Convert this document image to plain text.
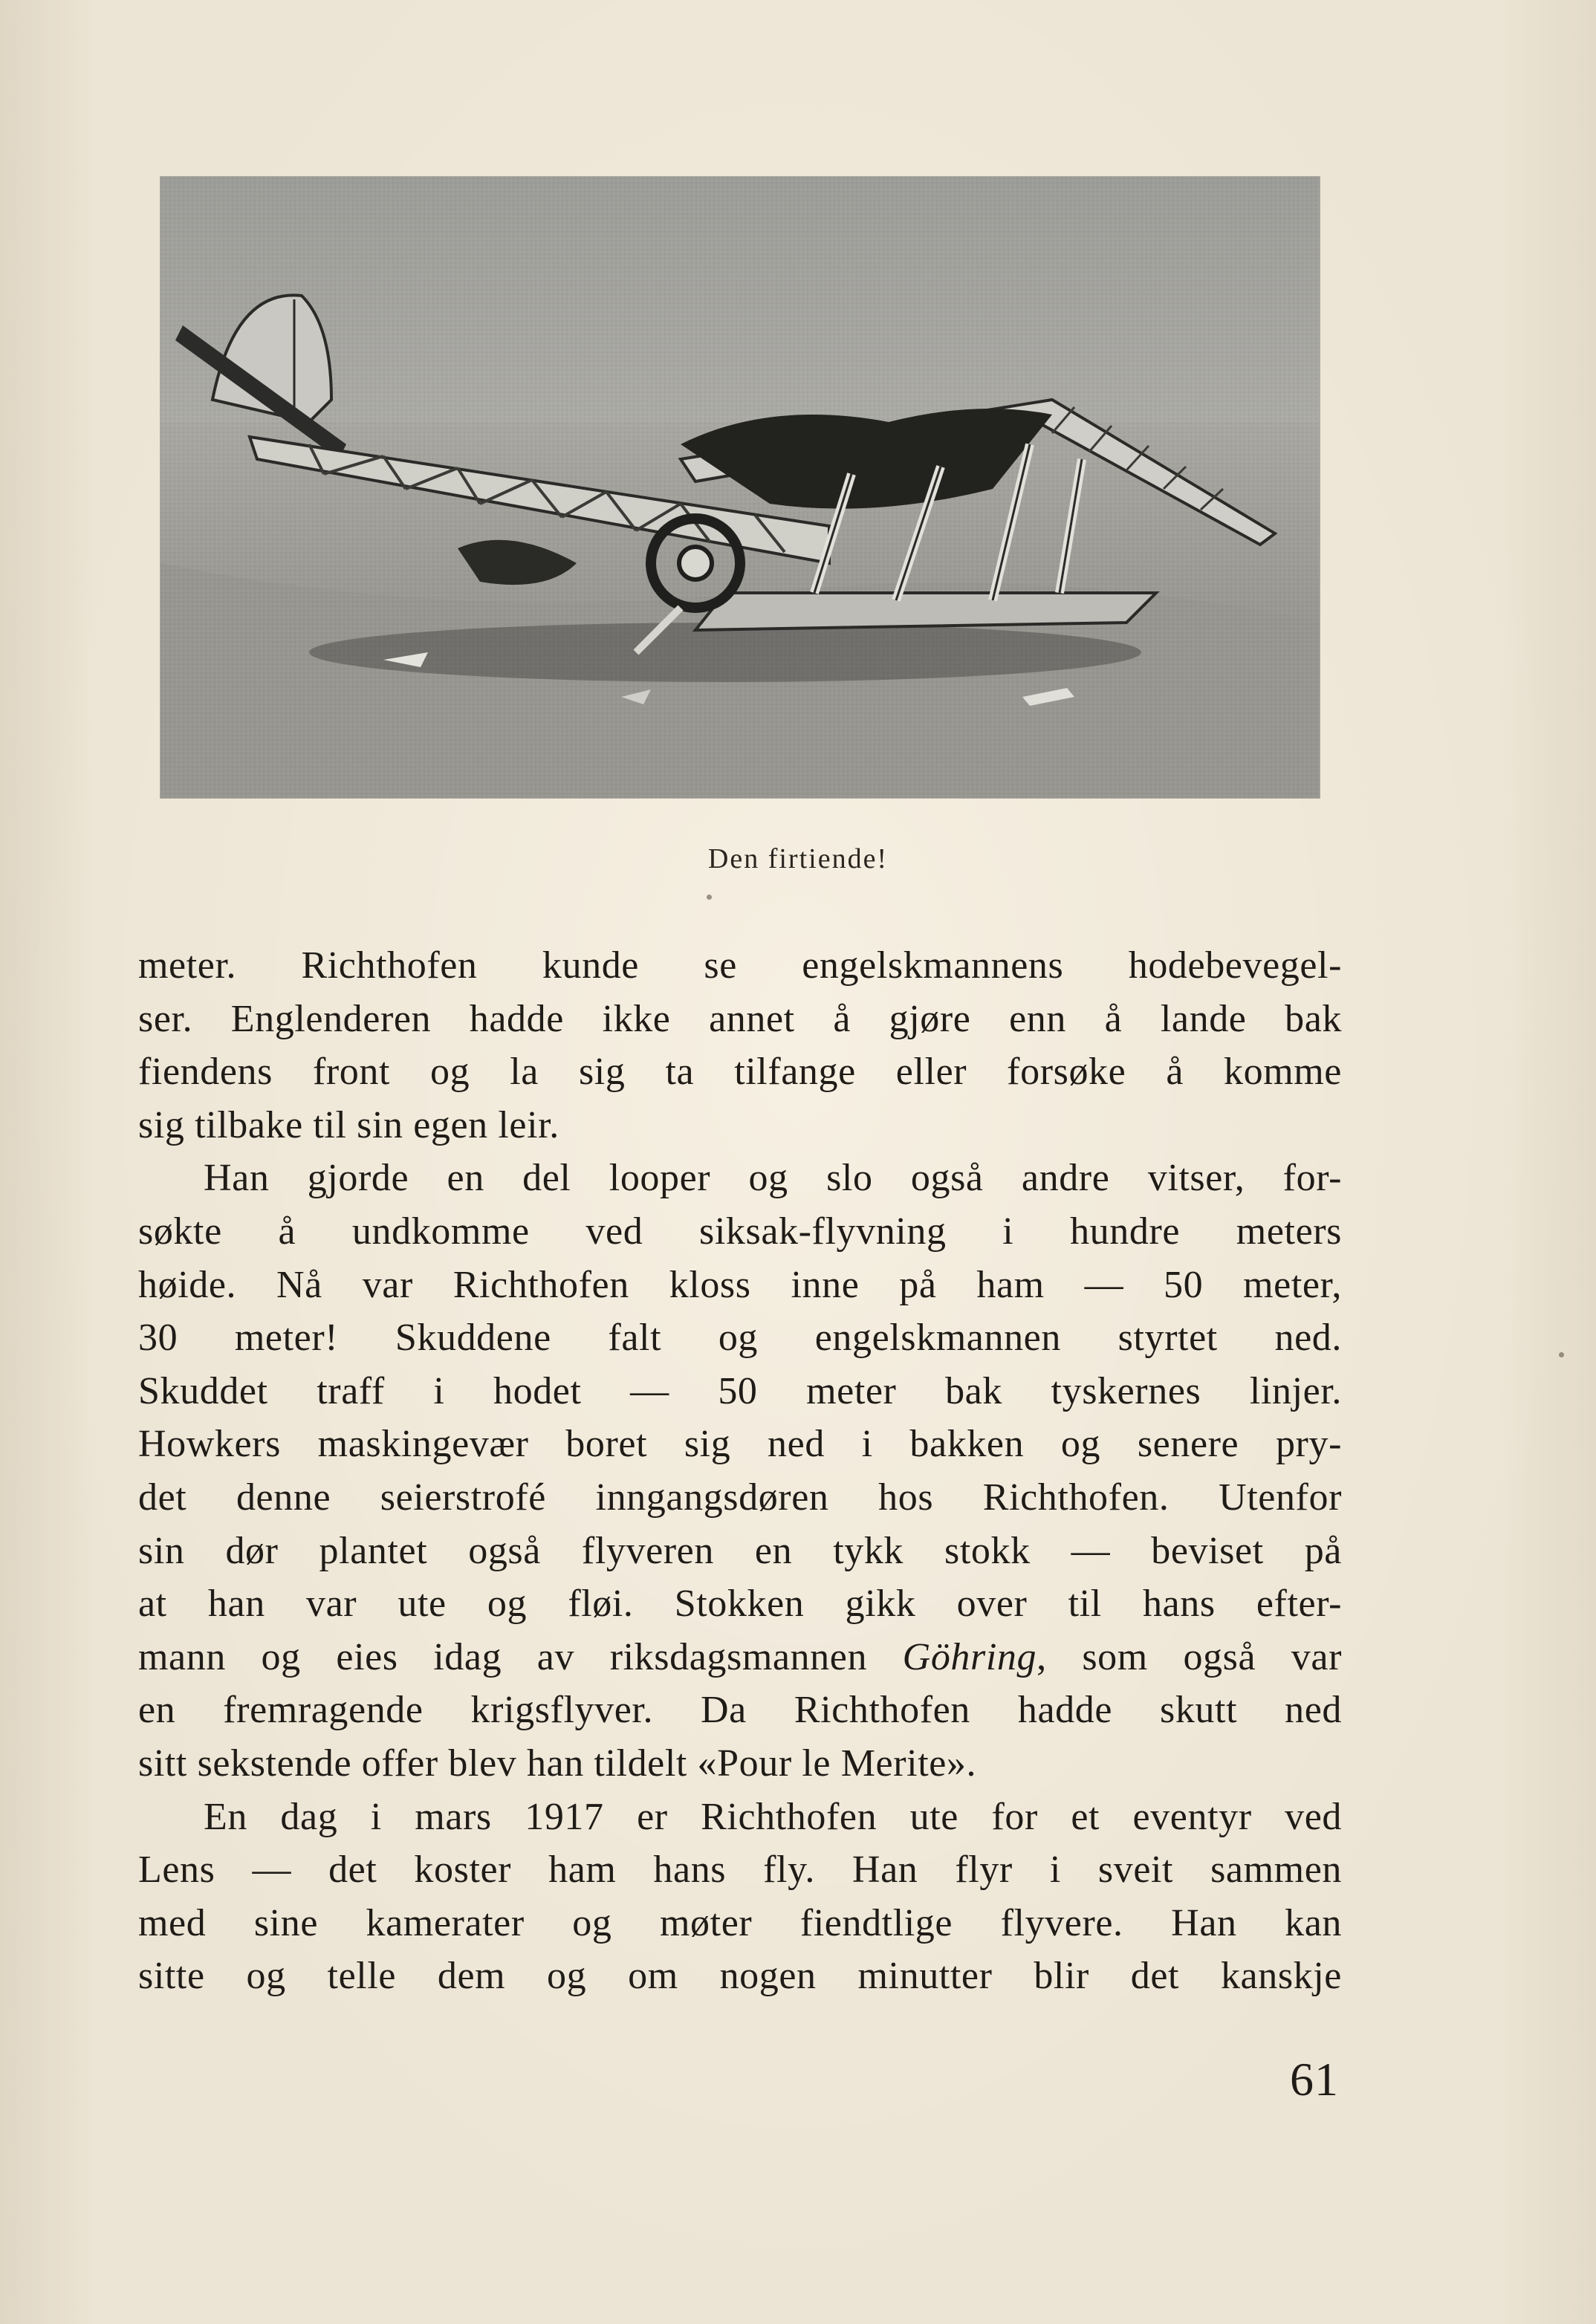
Den firtiende!
meter. Richthofen kunde se engelskmannens hodebevegel-
ser. Englenderen hadde ikke annet å gjøre enn å lande bak
fiendens front og la sig ta tilfange eller forsøke å komme
sig tilbake til sin egen leir.
Han gjorde en del looper og slo også andre vitser, for-
søkte å undkomme ved siksak-flyvning i hundre meters
høide. Nå var Richthofen kloss inne på ham — 50 meter,
30 meter! Skuddene falt og engelskmannen styrtet ned.
Skuddet traff i hodet — 50 meter bak tyskernes linjer.
Howkers maskingevær boret sig ned i bakken og senere pry-
det denne seierstrofé inngangsdøren hos Richthofen. Utenfor
sin dør plantet også flyveren en tykk stokk — beviset på
at han var ute og fløi. Stokken gikk over til hans efter-
mann og eies idag av riksdagsmannen Göhring, som også var
en fremragende krigsflyver. Da Richthofen hadde skutt ned
sitt sekstende offer blev han tildelt «Pour le Merite».
En dag i mars 1917 er Richthofen ute for et eventyr ved
Lens — det koster ham hans fly. Han flyr i sveit sammen
med sine kamerater og møter fiendtlige flyvere. Han kan
sitte og telle dem og om nogen minutter blir det kanskje
61
